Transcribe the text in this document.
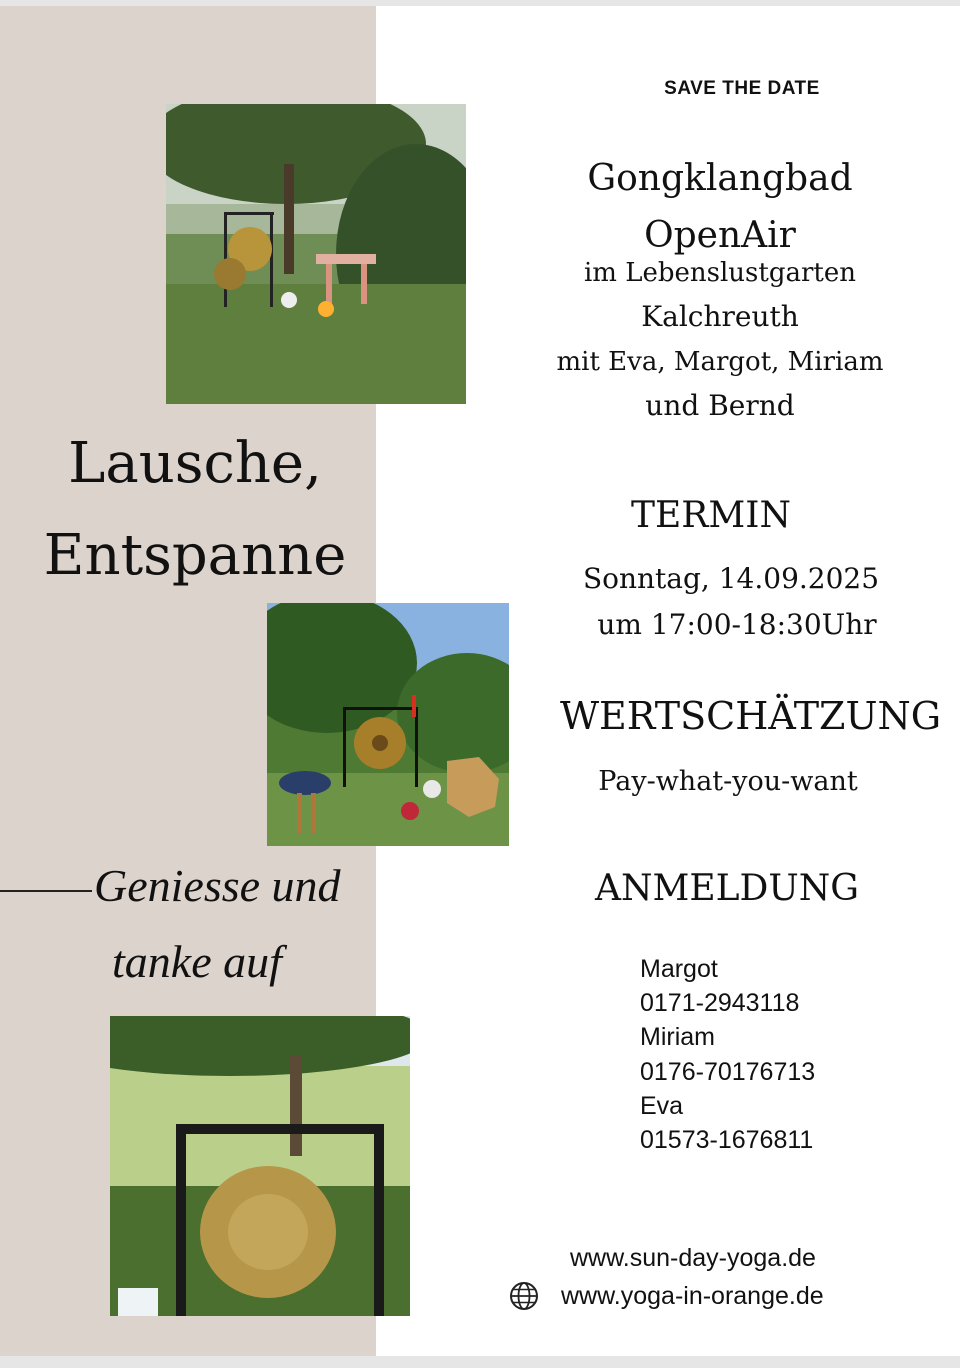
SAVE THE DATE
Gongklangbad
OpenAir
im Lebenslustgarten
Kalchreuth
mit Eva, Margot, Miriam
und Bernd
Lausche,
Entspanne
Geniesse und
tanke auf
TERMIN
Sonntag, 14.09.2025
um 17:00-18:30Uhr
WERTSCHÄTZUNG
Pay-what-you-want
ANMELDUNG
Margot
0171-2943118
Miriam
0176-70176713
Eva
01573-1676811
www.sun-day-yoga.de
www.yoga-in-orange.de
